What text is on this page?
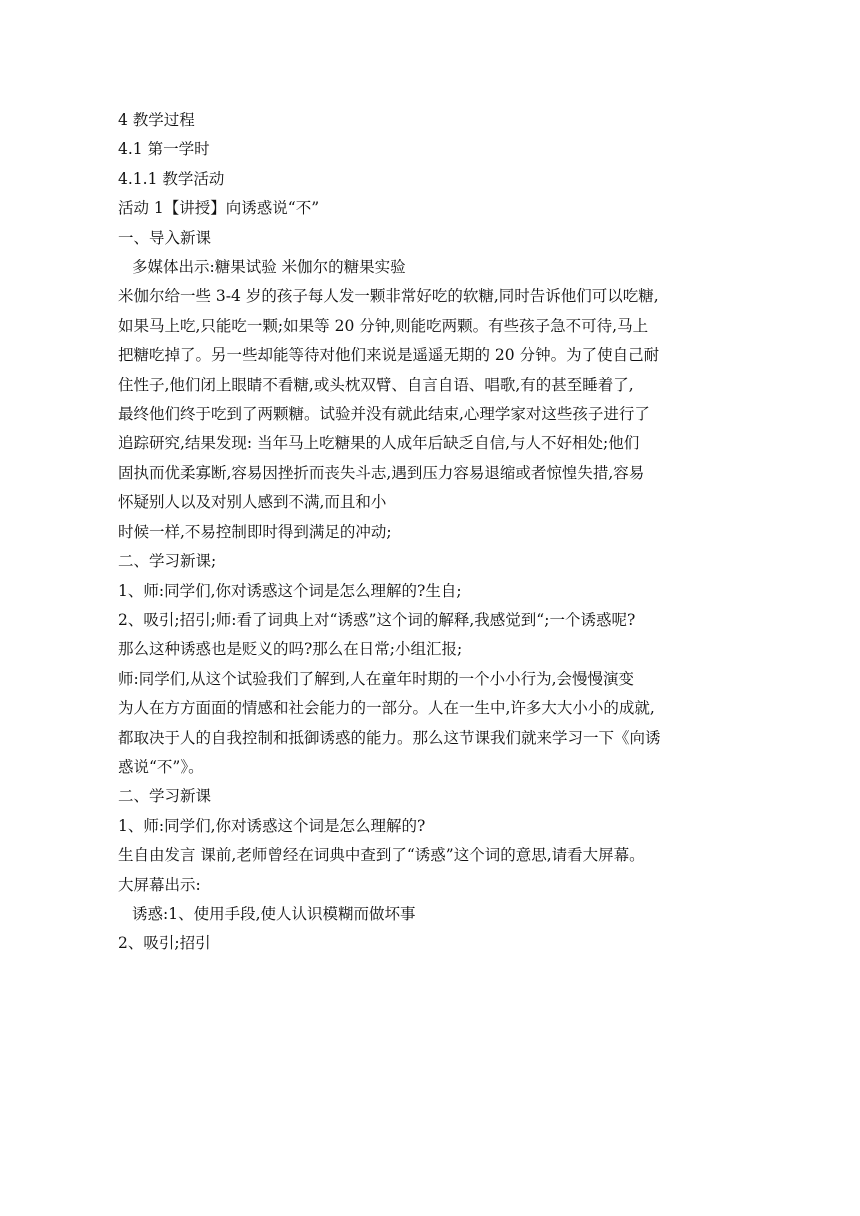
4 教学过程
4.1 第一学时
4.1.1 教学活动
活动 1【讲授】向诱惑说“不”
一、导入新课
多媒体出示:糖果试验 米伽尔的糖果实验
米伽尔给一些 3-4 岁的孩子每人发一颗非常好吃的软糖,同时告诉他们可以吃糖,
如果马上吃,只能吃一颗;如果等 20 分钟,则能吃两颗。有些孩子急不可待,马上
把糖吃掉了。另一些却能等待对他们来说是遥遥无期的 20 分钟。为了使自己耐
住性子,他们闭上眼睛不看糖,或头枕双臂、自言自语、唱歌,有的甚至睡着了,
最终他们终于吃到了两颗糖。试验并没有就此结束,心理学家对这些孩子进行了
追踪研究,结果发现: 当年马上吃糖果的人成年后缺乏自信,与人不好相处;他们
固执而优柔寡断,容易因挫折而丧失斗志,遇到压力容易退缩或者惊惶失措,容易
怀疑别人以及对别人感到不满,而且和小
时候一样,不易控制即时得到满足的冲动;
二、学习新课;
1、师:同学们,你对诱惑这个词是怎么理解的?生自;
2、吸引;招引;师:看了词典上对“诱惑”这个词的解释,我感觉到“;一个诱惑呢?
那么这种诱惑也是贬义的吗?那么在日常;小组汇报;
师:同学们,从这个试验我们了解到,人在童年时期的一个小小行为,会慢慢演变
为人在方方面面的情感和社会能力的一部分。人在一生中,许多大大小小的成就,
都取决于人的自我控制和抵御诱惑的能力。那么这节课我们就来学习一下《向诱
惑说“不”》。
二、学习新课
1、师:同学们,你对诱惑这个词是怎么理解的?
生自由发言 课前,老师曾经在词典中查到了“诱惑”这个词的意思,请看大屏幕。
大屏幕出示:
诱惑:1、使用手段,使人认识模糊而做坏事
2、吸引;招引
